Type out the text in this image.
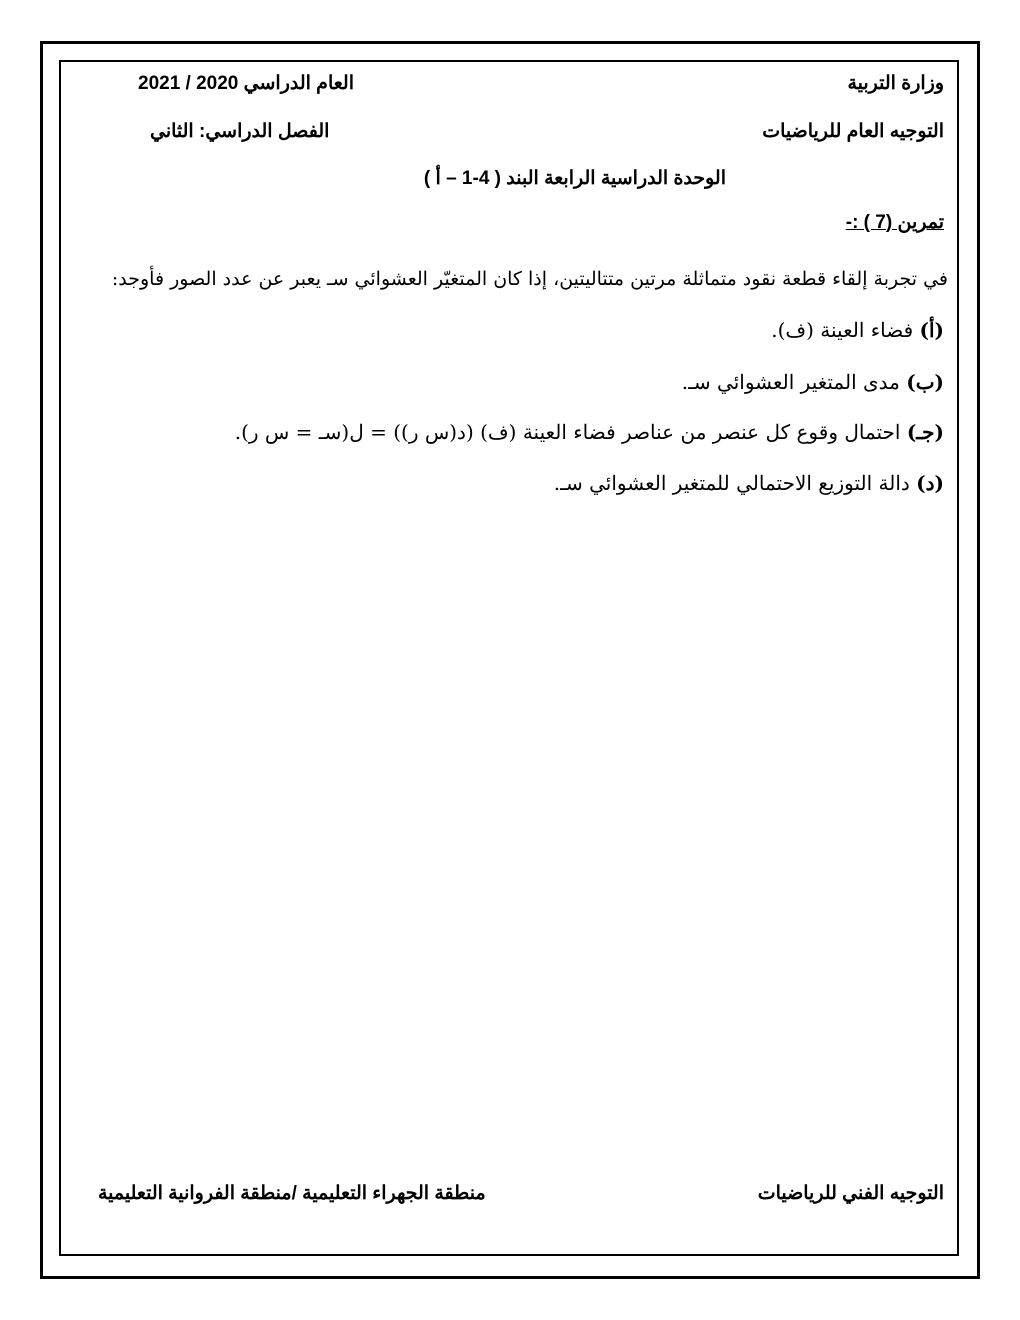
وزارة التربية
العام الدراسي 2021 / 2020
التوجيه العام للرياضيات
الفصل الدراسي: الثاني
الوحدة الدراسية الرابعة البند ( 4-1 – أ )
تمرين (7 ) :-
في تجربة إلقاء قطعة نقود متماثلة مرتين متتاليتين، إذا كان المتغيّر العشوائي سـ يعبر عن عدد الصور فأوجد:
(أ) فضاء العينة (ف).
(ب) مدى المتغير العشوائي سـ.
(جـ) احتمال وقوع كل عنصر من عناصر فضاء العينة (ف) (د(س ر)) = ل(سـ = س ر).
(د) دالة التوزيع الاحتمالي للمتغير العشوائي سـ.
التوجيه الفني للرياضيات
منطقة الجهراء التعليمية /منطقة الفروانية التعليمية
